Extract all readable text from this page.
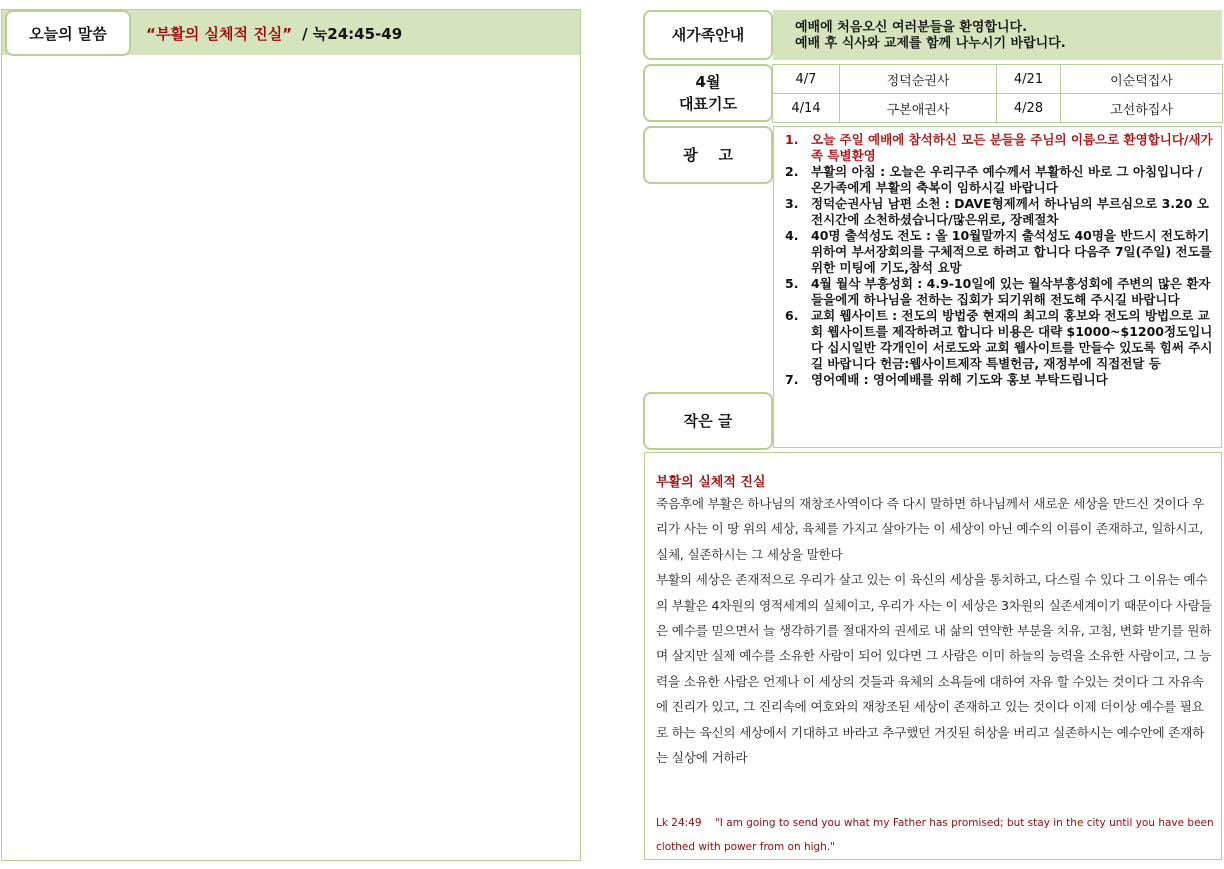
오늘의 말씀	“부활의 실체적 진실” / 눅24:45-49	새가족안내
4월
대표기도
광    고
작은 글
예배에 처음오신 여러분들을 환영합니다.
예배 후 식사와 교제를 함께 나누시기 바랍니다.
4/7	정덕순권사	4/21	이순덕집사
4/14	구본애권사	4/28	고선하집사
1. 오늘 주일 예배에 참석하신 모든 분들을 주님의 이름으로 환영합니다/새가족 특별환영
2. 부활의 아침 : 오늘은 우리구주 예수께서 부활하신 바로 그 아침입니다 / 온가족에게 부활의 축복이 임하시길 바랍니다
3. 정덕순권사님 남편 소천 : DAVE형제께서 하나님의 부르심으로 3.20 오전시간에 소천하셨습니다/많은위로, 장례절차
4. 40명 출석성도 전도 : 올 10월말까지 출석성도 40명을 반드시 전도하기 위하여 부서장회의를 구체적으로 하려고 합니다 다음주 7일(주일) 전도를 위한 미팅에 기도,참석 요망
5. 4월 월삭 부흥성회 : 4.9-10일에 있는 월삭부흥성회에 주변의 많은 환자들을에게 하나님을 전하는 집회가 되기위해 전도해 주시길 바랍니다
6. 교회 웹사이트 : 전도의 방법중 현재의 최고의 홍보와 전도의 방법으로 교회 웹사이트를 제작하려고 합니다 비용은 대략 $1000~$1200정도입니다 십시일반 각개인이 서로도와 교회 웹사이트를 만들수 있도록 힘써 주시길 바랍니다 헌금:웹사이트제작 특별헌금, 재정부에 직접전달 등
7. 영어예배 : 영어예배를 위해 기도와 홍보 부탁드립니다
부활의 실체적 진실

죽음후에 부활은 하나님의 재창조사역이다 즉 다시 말하면 하나님께서 새로운 세상을 만드신 것이다 우리가 사는 이 땅 위의 세상, 육체를 가지고 살아가는 이 세상이 아닌 예수의 이름이 존재하고, 일하시고, 실체, 실존하시는 그 세상을 말한다

부활의 세상은 존재적으로 우리가 살고 있는 이 육신의 세상을 통치하고, 다스릴 수 있다 그 이유는 예수의 부활은 4차원의 영적세계의 실체이고, 우리가 사는 이 세상은 3차원의 실존세계이기 때문이다 사람들은 예수를 믿으면서 늘 생각하기를 절대자의 권세로 내 삶의 연약한 부분을 치유, 고침, 변화 받기를 원하며 살지만 실제 예수를 소유한 사람이 되어 있다면 그 사람은 이미 하늘의 능력을 소유한 사람이고, 그 능력을 소유한 사람은 언제나 이 세상의 것들과 육체의 소욕들에 대하여 자유 할 수있는 것이다 그 자유속에 진리가 있고, 그 진리속에 여호와의 재창조된 세상이 존재하고 있는 것이다 이제 더이상 예수를 필요로 하는 육신의 세상에서 기대하고 바라고 추구했던 거짓된 허상을 버리고 실존하시는 예수안에 존재하는 실상에 거하라

Lk 24:49 "I am going to send you what my Father has promised; but stay in the city until you have been clothed with power from on high."
